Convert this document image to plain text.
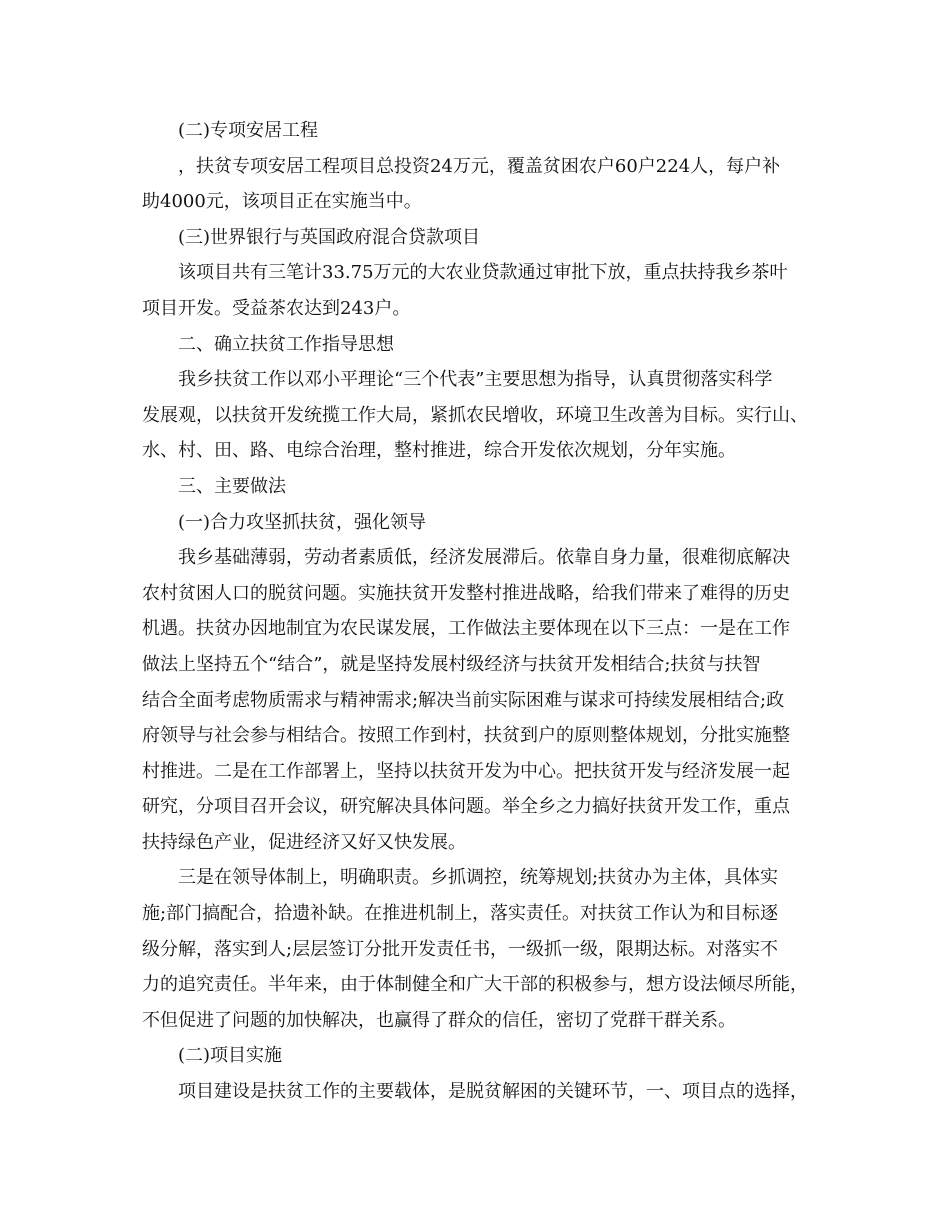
(二)专项安居工程

，扶贫专项安居工程项目总投资24万元，覆盖贫困农户60户224人，每户补

助4000元，该项目正在实施当中。

(三)世界银行与英国政府混合贷款项目

该项目共有三笔计33.75万元的大农业贷款通过审批下放，重点扶持我乡茶叶

项目开发。受益茶农达到243户。

二、确立扶贫工作指导思想

我乡扶贫工作以邓小平理论“三个代表”主要思想为指导，认真贯彻落实科学

发展观，以扶贫开发统揽工作大局，紧抓农民增收，环境卫生改善为目标。实行山、

水、村、田、路、电综合治理，整村推进，综合开发依次规划，分年实施。

三、主要做法

(一)合力攻坚抓扶贫，强化领导

我乡基础薄弱，劳动者素质低，经济发展滞后。依靠自身力量，很难彻底解决

农村贫困人口的脱贫问题。实施扶贫开发整村推进战略，给我们带来了难得的历史

机遇。扶贫办因地制宜为农民谋发展，工作做法主要体现在以下三点：一是在工作

做法上坚持五个“结合”，就是坚持发展村级经济与扶贫开发相结合;扶贫与扶智

结合全面考虑物质需求与精神需求;解决当前实际困难与谋求可持续发展相结合;政

府领导与社会参与相结合。按照工作到村，扶贫到户的原则整体规划，分批实施整

村推进。二是在工作部署上，坚持以扶贫开发为中心。把扶贫开发与经济发展一起

研究，分项目召开会议，研究解决具体问题。举全乡之力搞好扶贫开发工作，重点

扶持绿色产业，促进经济又好又快发展。

三是在领导体制上，明确职责。乡抓调控，统筹规划;扶贫办为主体，具体实

施;部门搞配合，拾遗补缺。在推进机制上，落实责任。对扶贫工作认为和目标逐

级分解，落实到人;层层签订分批开发责任书，一级抓一级，限期达标。对落实不

力的追究责任。半年来，由于体制健全和广大干部的积极参与，想方设法倾尽所能，

不但促进了问题的加快解决，也赢得了群众的信任，密切了党群干群关系。

(二)项目实施

项目建设是扶贫工作的主要载体，是脱贫解困的关键环节，一、项目点的选择，
